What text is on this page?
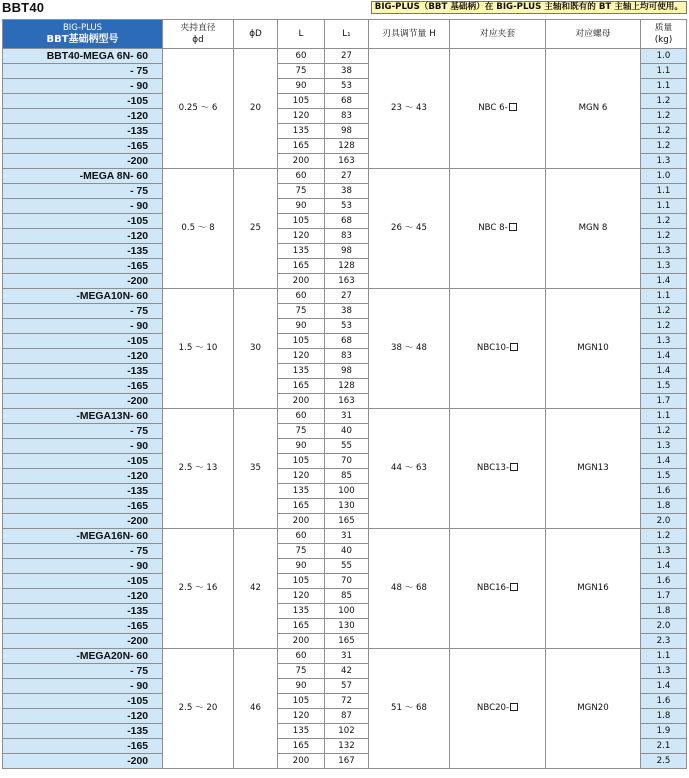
BBT40	BIG-PLUS（BBT 基础柄）在 BIG-PLUS 主轴和既有的 BT 主轴上均可使用。
BIG-PLUS
BBT基础柄型号	夹持直径
ϕd	ϕD	L	L₁	刃具调节量 H	对应夹套	对应螺母	质量
(kg)
BBT40-MEGA 6N- 60	0.25 ～ 6	20	60	27	23 ～ 43	NBC 6-	MGN 6	1.0
- 75			75	38				1.1
- 90			90	53				1.1
-105			105	68				1.2
-120			120	83				1.2
-135			135	98				1.2
-165			165	128				1.2
-200			200	163				1.3
-MEGA 8N- 60	0.5 ～ 8	25	60	27	26 ～ 45	NBC 8-	MGN 8	1.0
- 75			75	38				1.1
- 90			90	53				1.1
-105			105	68				1.2
-120			120	83				1.2
-135			135	98				1.3
-165			165	128				1.3
-200			200	163				1.4
-MEGA10N- 60	1.5 ～ 10	30	60	27	38 ～ 48	NBC10-	MGN10	1.1
- 75			75	38				1.2
- 90			90	53				1.2
-105			105	68				1.3
-120			120	83				1.4
-135			135	98				1.4
-165			165	128				1.5
-200			200	163				1.7
-MEGA13N- 60	2.5 ～ 13	35	60	31	44 ～ 63	NBC13-	MGN13	1.1
- 75			75	40				1.2
- 90			90	55				1.3
-105			105	70				1.4
-120			120	85				1.5
-135			135	100				1.6
-165			165	130				1.8
-200			200	165				2.0
-MEGA16N- 60	2.5 ～ 16	42	60	31	48 ～ 68	NBC16-	MGN16	1.2
- 75			75	40				1.3
- 90			90	55				1.4
-105			105	70				1.6
-120			120	85				1.7
-135			135	100				1.8
-165			165	130				2.0
-200			200	165				2.3
-MEGA20N- 60	2.5 ～ 20	46	60	31	51 ～ 68	NBC20-	MGN20	1.1
- 75			75	42				1.3
- 90			90	57				1.4
-105			105	72				1.6
-120			120	87				1.8
-135			135	102				1.9
-165			165	132				2.1
-200			200	167				2.5
